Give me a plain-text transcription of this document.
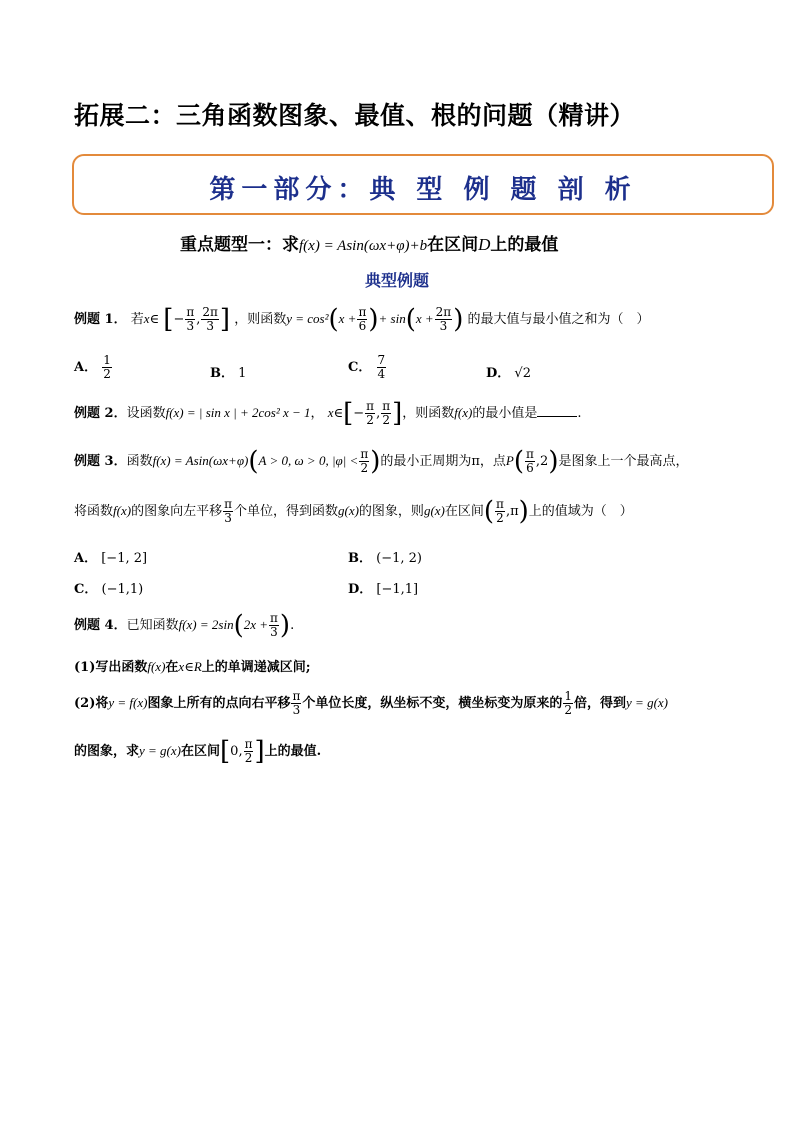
拓展二：三角函数图象、最值、根的问题（精讲）
第一部分：典 型 例 题 剖 析
重点题型一：求f(x) = Asin(ωx+φ)+b在区间D上的最值
典型例题
例题 1． 若x∈ [− $\frac{\pi}{3}$ , $\frac{2\pi}{3}$ ] ，则函数$y = \cos^2(x + \frac{\pi}{6}$ )+ $\sin(x + \frac{2\pi}{3}$ ) 的最大值与最小值之和为（　）
A． $\frac{1}{2}$	B． 1	C． $\frac{7}{4}$	D． √2
例题 2．设函数f(x) = | sin x | + 2cos² x − 1， x∈[− $\frac{\pi}{2}$ , $\frac{\pi}{2}$ ]，则函数f(x)的最小值是	.
例题 3．函数f(x) = Asin(ωx+φ)(A > 0, ω > 0, $|\varphi| < \frac{\pi}{2}$ )的最小正周期为π，点$P( \frac{\pi}{6} ,2)$是图象上一个最高点，
将函数f(x)的图象向左平移 $\frac{\pi}{3}$ 个单位，得到函数g(x)的图象，则g(x)在区间( $\frac{\pi}{2} ,\pi$)上的值域为（　）
A． [−1, 2]	B． (−1, 2)
C． (−1,1)	D． [−1,1]
例题 4．已知函数$f(x) = 2\sin(2x + \frac{\pi}{3}$ ).
(1)写出函数f(x)在x∈R上的单调递减区间;
(2)将y = f(x)图象上所有的点向右平移 $\frac{\pi}{3}$ 个单位长度，纵坐标不变，横坐标变为原来的 $\frac{1}{2}$ 倍，得到y = g(x)
的图象，求y = g(x)在区间[0, $\frac{\pi}{2}$ ]上的最值.
